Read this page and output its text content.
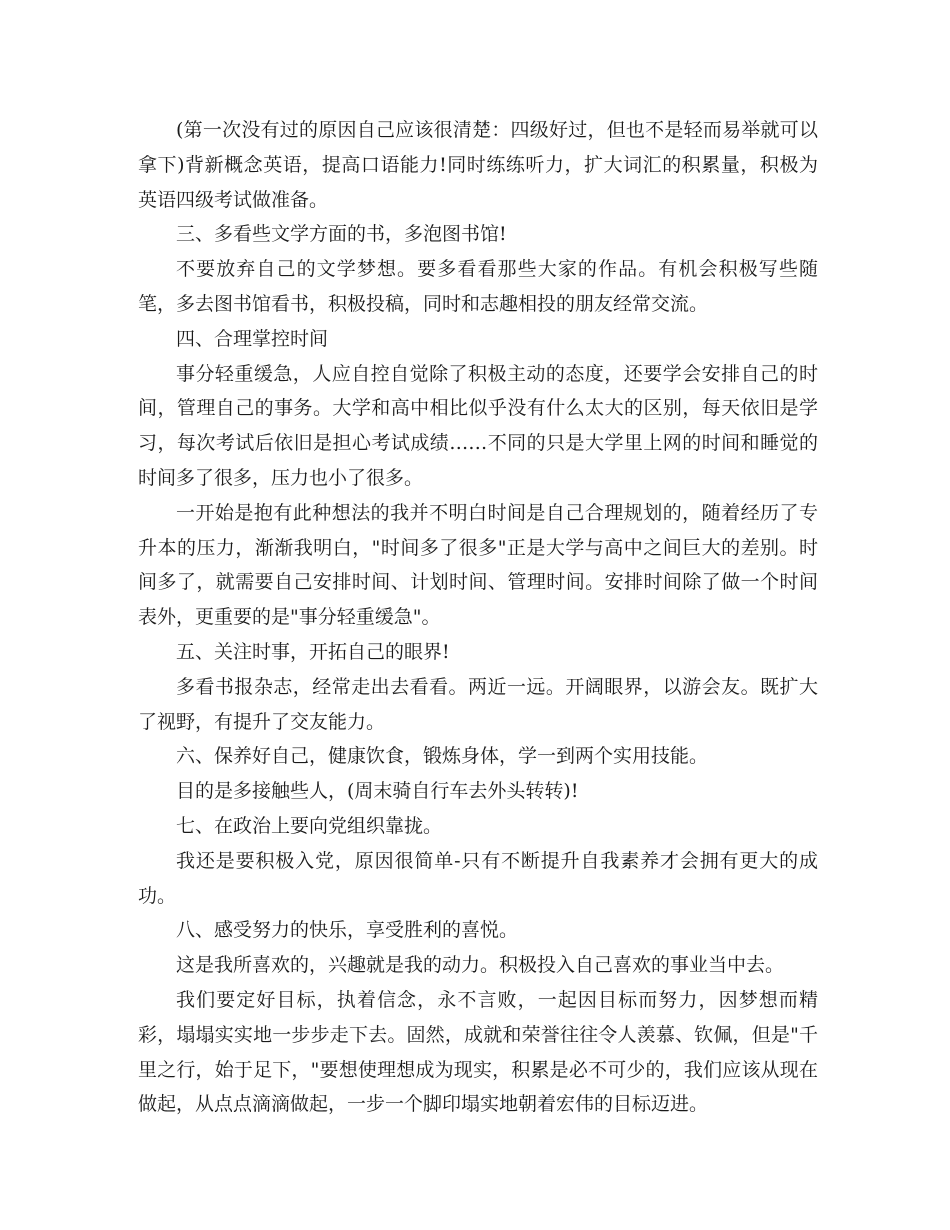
(第一次没有过的原因自己应该很清楚：四级好过，但也不是轻而易举就可以拿下)背新概念英语，提高口语能力!同时练练听力，扩大词汇的积累量，积极为英语四级考试做准备。

三、多看些文学方面的书，多泡图书馆!

不要放弃自己的文学梦想。要多看看那些大家的作品。有机会积极写些随笔，多去图书馆看书，积极投稿，同时和志趣相投的朋友经常交流。

四、合理掌控时间

事分轻重缓急，人应自控自觉除了积极主动的态度，还要学会安排自己的时间，管理自己的事务。大学和高中相比似乎没有什么太大的区别，每天依旧是学习，每次考试后依旧是担心考试成绩……不同的只是大学里上网的时间和睡觉的时间多了很多，压力也小了很多。

一开始是抱有此种想法的我并不明白时间是自己合理规划的，随着经历了专升本的压力，渐渐我明白，"时间多了很多"正是大学与高中之间巨大的差别。时间多了，就需要自己安排时间、计划时间、管理时间。安排时间除了做一个时间表外，更重要的是"事分轻重缓急"。

五、关注时事，开拓自己的眼界!

多看书报杂志，经常走出去看看。两近一远。开阔眼界，以游会友。既扩大了视野，有提升了交友能力。

六、保养好自己，健康饮食，锻炼身体，学一到两个实用技能。

目的是多接触些人，(周末骑自行车去外头转转)!

七、在政治上要向党组织靠拢。

我还是要积极入党，原因很简单-只有不断提升自我素养才会拥有更大的成功。

八、感受努力的快乐，享受胜利的喜悦。

这是我所喜欢的，兴趣就是我的动力。积极投入自己喜欢的事业当中去。

我们要定好目标，执着信念，永不言败，一起因目标而努力，因梦想而精彩，塌塌实实地一步步走下去。固然，成就和荣誉往往令人羡慕、钦佩，但是"千里之行，始于足下，"要想使理想成为现实，积累是必不可少的，我们应该从现在做起，从点点滴滴做起，一步一个脚印塌实地朝着宏伟的目标迈进。
